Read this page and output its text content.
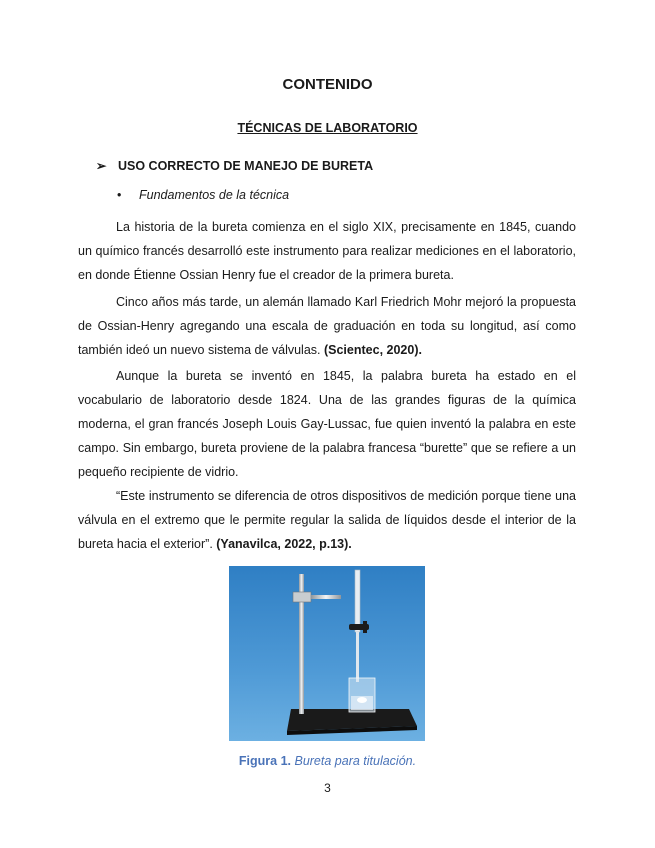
CONTENIDO
TÉCNICAS DE LABORATORIO
➢ USO CORRECTO DE MANEJO DE BURETA
• Fundamentos de la técnica

La historia de la bureta comienza en el siglo XIX, precisamente en 1845, cuando un químico francés desarrolló este instrumento para realizar mediciones en el laboratorio, en donde Étienne Ossian Henry fue el creador de la primera bureta.

Cinco años más tarde, un alemán llamado Karl Friedrich Mohr mejoró la propuesta de Ossian-Henry agregando una escala de graduación en toda su longitud, así como también ideó un nuevo sistema de válvulas. (Scientec, 2020).

Aunque la bureta se inventó en 1845, la palabra bureta ha estado en el vocabulario de laboratorio desde 1824. Una de las grandes figuras de la química moderna, el gran francés Joseph Louis Gay-Lussac, fue quien inventó la palabra en este campo. Sin embargo, bureta proviene de la palabra francesa “burette” que se refiere a un pequeño recipiente de vidrio.

“Este instrumento se diferencia de otros dispositivos de medición porque tiene una válvula en el extremo que le permite regular la salida de líquidos desde el interior de la bureta hacia el exterior”. (Yanavilca, 2022, p.13).

Figura 1. Bureta para titulación.
3
